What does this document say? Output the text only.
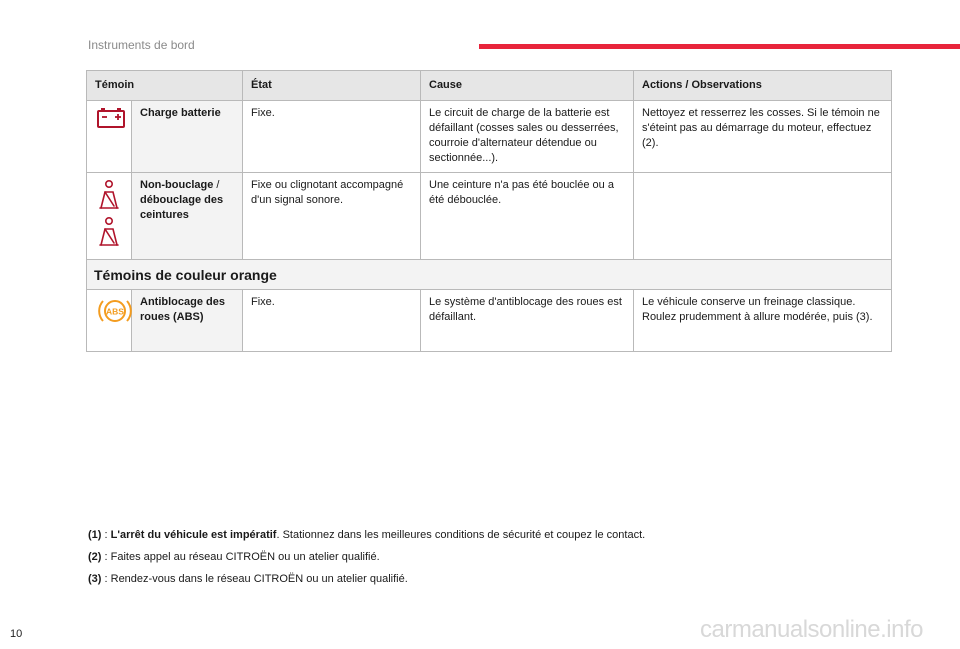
Instruments de bord
Témoin		État	Cause	Actions / Observations
	Charge batterie	Fixe.	Le circuit de charge de la batterie est défaillant (cosses sales ou desserrées, courroie d'alternateur détendue ou sectionnée...).	Nettoyez et resserrez les cosses. Si le témoin ne s'éteint pas au démarrage du moteur, effectuez (2).
	Non-bouclage / débouclage des ceintures	Fixe ou clignotant accompagné d'un signal sonore.	Une ceinture n'a pas été bouclée ou a été débouclée.	
Témoins de couleur orange				

ABS	Antiblocage des roues (ABS)	Fixe.	Le système d'antiblocage des roues est défaillant.	Le véhicule conserve un freinage classique. Roulez prudemment à allure modérée, puis (3).
(1) : L'arrêt du véhicule est impératif. Stationnez dans les meilleures conditions de sécurité et coupez le contact.
(2) : Faites appel au réseau CITROËN ou un atelier qualifié.
(3) : Rendez-vous dans le réseau CITROËN ou un atelier qualifié.
10	carmanualsonline.info
